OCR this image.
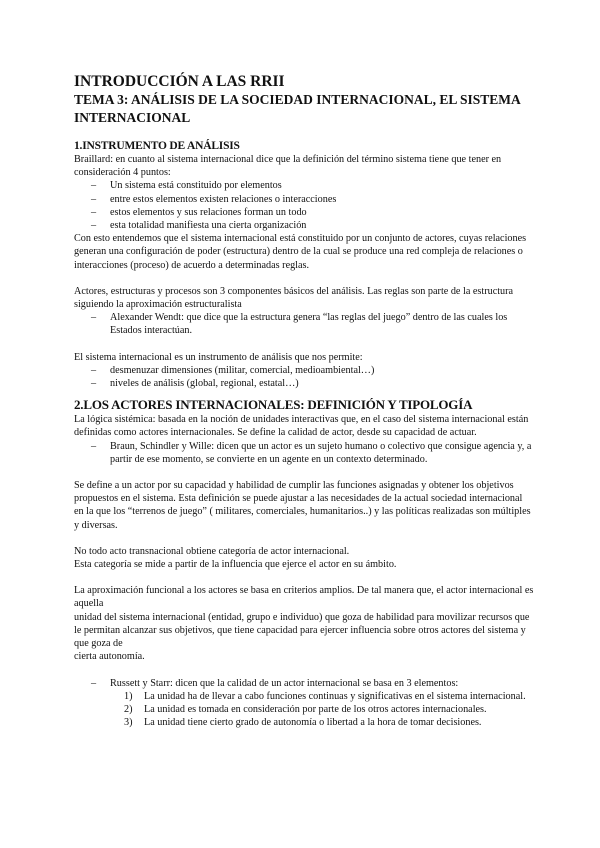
INTRODUCCIÓN A LAS RRII
TEMA 3: ANÁLISIS DE LA SOCIEDAD INTERNACIONAL, EL SISTEMA INTERNACIONAL
1.INSTRUMENTO DE ANÁLISIS

Braillard: en cuanto al sistema internacional dice que la definición del término sistema tiene que tener en consideración 4 puntos:

– Un sistema está constituido por elementos
– entre estos elementos existen relaciones o interacciones
– estos elementos y sus relaciones forman un todo
– esta totalidad manifiesta una cierta organización

Con esto entendemos que el sistema internacional está constituido por un conjunto de actores, cuyas relaciones generan una configuración de poder (estructura) dentro de la cual se produce una red compleja de relaciones o interacciones (proceso) de acuerdo a determinadas reglas.

Actores, estructuras y procesos son 3 componentes básicos del análisis. Las reglas son parte de la estructura siguiendo la aproximación estructuralista

– Alexander Wendt: que dice que la estructura genera “las reglas del juego” dentro de las cuales los Estados interactúan.

El sistema internacional es un instrumento de análisis que nos permite:

– desmenuzar dimensiones (militar, comercial, medioambiental…)
– niveles de análisis (global, regional, estatal…)
2.LOS ACTORES INTERNACIONALES: DEFINICIÓN Y TIPOLOGÍA

La lógica sistémica: basada en la noción de unidades interactivas que, en el caso del sistema internacional están definidas como actores internacionales. Se define la calidad de actor, desde su capacidad de actuar.

– Braun, Schindler y Wille: dicen que un actor es un sujeto humano o colectivo que consigue agencia y, a partir de ese momento, se convierte en un agente en un contexto determinado.

Se define a un actor por su capacidad y habilidad de cumplir las funciones asignadas y obtener los objetivos propuestos en el sistema. Esta definición se puede ajustar a las necesidades de la actual sociedad internacional en la que los “terrenos de juego” ( militares, comerciales, humanitarios..) y las políticas realizadas son múltiples y diversas.

No todo acto transnacional obtiene categoría de actor internacional.

Esta categoría se mide a partir de la influencia que ejerce el actor en su ámbito.

La aproximación funcional a los actores se basa en criterios amplios. De tal manera que, el actor internacional es aquella

unidad del sistema internacional (entidad, grupo e individuo) que goza de habilidad para movilizar recursos que le permitan alcanzar sus objetivos, que tiene capacidad para ejercer influencia sobre otros actores del sistema y que goza de

cierta autonomía.

– Russett y Starr: dicen que la calidad de un actor internacional se basa en 3 elementos:
1) La unidad ha de llevar a cabo funciones continuas y significativas en el sistema internacional.
2) La unidad es tomada en consideración por parte de los otros actores internacionales.
3) La unidad tiene cierto grado de autonomía o libertad a la hora de tomar decisiones.
